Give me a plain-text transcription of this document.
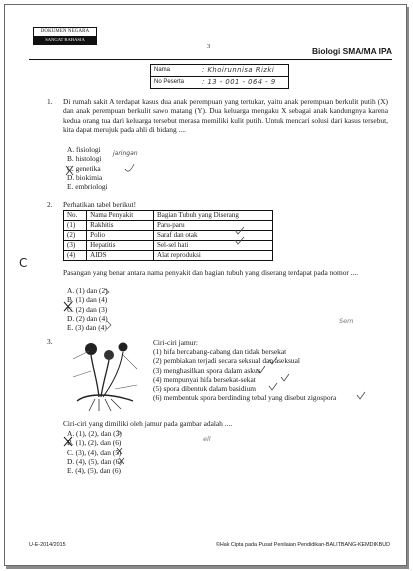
DOKUMEN NEGARA
SANGAT RAHASIA
3	Biologi SMA/MA IPA
Nama	: Khoirunnisa Rizki
No Peserta	: 13 - 001 - 064 - 9
1. Di rumah sakit A terdapat kasus dua anak perempuan yang tertukar, yaitu anak perempuan berkulit putih (X) dan anak perempuan berkulit sawo matang (Y). Dua keluarga mengaku X sebagai anak kandungnya karena kedua orang tua dari keluarga tersebut merasa memiliki kulit putih. Untuk mencari solusi dari kasus tersebut, kita dapat merujuk pada ahli di bidang ....
A. fisiologi
B. histologi
C. genetika
D. biokimia
E. embriologi
jaringan
2. Perhatikan tabel berikut!
No.	Nama Penyakit	Bagian Tubuh yang Diserang
(1)	Rakhitis	Paru-paru
(2)	Polio	Saraf dan otak
(3)	Hepatitis	Sel-sel hati
(4)	AIDS	Alat reproduksi
Pasangan yang benar antara nama penyakit dan bagian tubuh yang diserang terdapat pada nomor ....
A. (1) dan (2)
B. (1) dan (4)
C. (2) dan (3)
D. (2) dan (4)
E. (3) dan (4)
C
Sem
3.	Ciri-ciri jamur:
(1) hifa bercabang-cabang dan tidak bersekat
(2) pembiakan terjadi secara seksual dan aseksual
(3) menghasilkan spora dalam askus
(4) mempunyai hifa bersekat-sekat
(5) spora dibentuk dalam basidium
(6) membentuk spora berdinding tebal yang disebut zigospora
Ciri-ciri yang dimiliki oleh jamur pada gambar adalah ....
A. (1), (2), dan (3)
B. (1), (2), dan (6)
C. (3), (4), dan (5)
D. (4), (5), dan (6)
E. (4), (5), dan (6)
ell
U-E-2014/2015	©Hak Cipta pada Pusat Penilaian Pendidikan-BALITBANG-KEMDIKBUD
